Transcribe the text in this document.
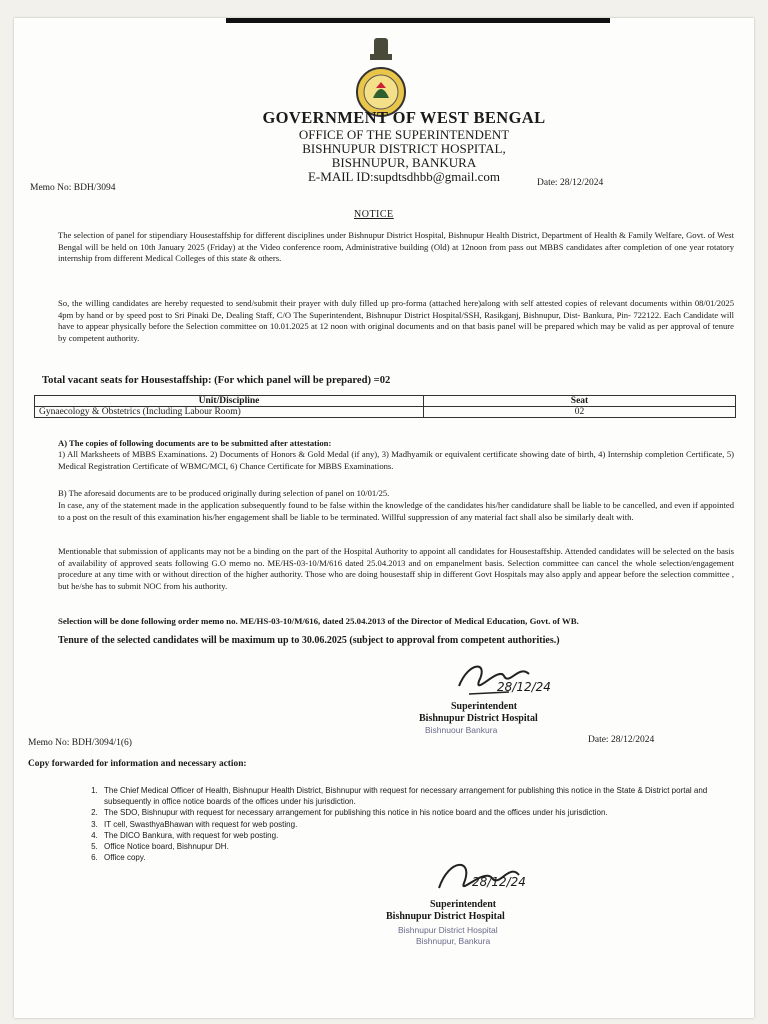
GOVERNMENT OF WEST BENGAL
OFFICE OF THE SUPERINTENDENT
BISHNUPUR DISTRICT HOSPITAL,
BISHNUPUR, BANKURA
E-MAIL ID:supdtsdhbb@gmail.com
Memo No: BDH/3094	Date: 28/12/2024
NOTICE
The selection of panel for stipendiary Housestaffship for different disciplines under Bishnupur District Hospital, Bishnupur Health District, Department of Health & Family Welfare, Govt. of West Bengal will be held on 10th January 2025 (Friday) at the Video conference room, Administrative building (Old) at 12noon from pass out MBBS candidates after completion of one year rotatory internship from different Medical Colleges of this state & others.
So, the willing candidates are hereby requested to send/submit their prayer with duly filled up pro-forma (attached here)along with self attested copies of relevant documents within 08/01/2025 4pm by hand or by speed post to Sri Pinaki De, Dealing Staff, C/O The Superintendent, Bishnupur District Hospital/SSH, Rasikganj, Bishnupur, Dist- Bankura, Pin- 722122. Each Candidate will have to appear physically before the Selection committee on 10.01.2025 at 12 noon with original documents and on that basis panel will be prepared which may be valid as per approval of tenure by competent authority.
Total vacant seats for Housestaffship: (For which panel will be prepared) =02
Unit/Discipline	Seat
Gynaecology & Obstetrics (Including Labour Room)	02
A) The copies of following documents are to be submitted after attestation:
1) All Marksheets of MBBS Examinations. 2) Documents of Honors & Gold Medal (if any), 3) Madhyamik or equivalent certificate showing date of birth, 4) Internship completion Certificate, 5) Medical Registration Certificate of WBMC/MCI, 6) Chance Certificate for MBBS Examinations.
B) The aforesaid documents are to be produced originally during selection of panel on 10/01/25.
In case, any of the statement made in the application subsequently found to be false within the knowledge of the candidates his/her candidature shall be liable to be cancelled, and even if appointed to a post on the result of this examination his/her engagement shall be liable to be terminated. Willful suppression of any material fact shall also be similarly dealt with.
Mentionable that submission of applicants may not be a binding on the part of the Hospital Authority to appoint all candidates for Housestaffship. Attended candidates will be selected on the basis of availability of approved seats following G.O memo no. ME/HS-03-10/M/616 dated 25.04.2013 and on empanelment basis. Selection committee can cancel the whole selection/engagement procedure at any time with or without direction of the higher authority. Those who are doing housestaff ship in different Govt Hospitals may also apply and appear before the selection committee , but he/she has to submit NOC from his authority.
Selection will be done following order memo no. ME/HS-03-10/M/616, dated 25.04.2013 of the Director of Medical Education, Govt. of WB.
Tenure of the selected candidates will be maximum up to 30.06.2025 (subject to approval from competent authorities.)
28/12/24
Superintendent
Bishnupur District Hospital
Bishnuour Bankura
Memo No: BDH/3094/1(6)	Date: 28/12/2024
Copy forwarded for information and necessary action:
1. The Chief Medical Officer of Health, Bishnupur Health District, Bishnupur with request for necessary arrangement for publishing this notice in the State & District portal and subsequently in office notice boards of the offices under his jurisdiction.
2. The SDO, Bishnupur with request for necessary arrangement for publishing this notice in his notice board and the offices under his jurisdiction.
3. IT cell, SwasthyaBhawan with request for web posting.
4. The DICO Bankura, with request for web posting.
5. Office Notice board, Bishnupur DH.
6. Office copy.
28/12/24
Superintendent
Bishnupur District Hospital
Bishnupur District Hospital
Bishnupur, Bankura
